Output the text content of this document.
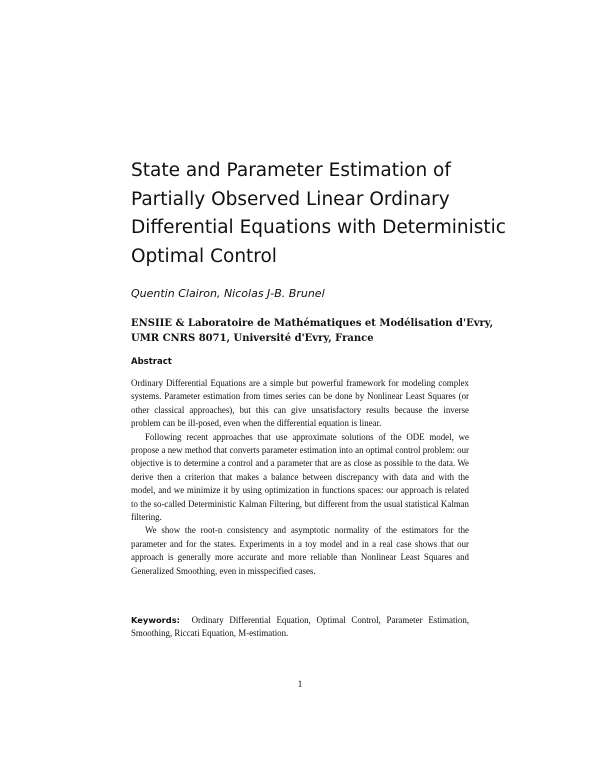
State and Parameter Estimation of
Partially Observed Linear Ordinary
Differential Equations with Deterministic
Optimal Control
Quentin Clairon, Nicolas J-B. Brunel
ENSIIE & Laboratoire de Mathématiques et Modélisation d'Evry,
UMR CNRS 8071, Université d'Evry, France
Abstract

Ordinary Differential Equations are a simple but powerful framework for modeling complex systems. Parameter estimation from times series can be done by Nonlinear Least Squares (or other classical approaches), but this can give unsatisfactory results because the inverse problem can be ill-posed, even when the differential equation is linear.

Following recent approaches that use approximate solutions of the ODE model, we propose a new method that converts parameter estimation into an optimal control problem: our objective is to determine a control and a parameter that are as close as possible to the data. We derive then a criterion that makes a balance between discrepancy with data and with the model, and we minimize it by using optimization in functions spaces: our approach is related to the so-called Deterministic Kalman Filtering, but different from the usual statistical Kalman filtering.

We show the root-n consistency and asymptotic normality of the estimators for the parameter and for the states. Experiments in a toy model and in a real case shows that our approach is generally more accurate and more reliable than Nonlinear Least Squares and Generalized Smoothing, even in misspecified cases.

Keywords: Ordinary Differential Equation, Optimal Control, Parameter Estimation, Smoothing, Riccati Equation, M-estimation.
1
